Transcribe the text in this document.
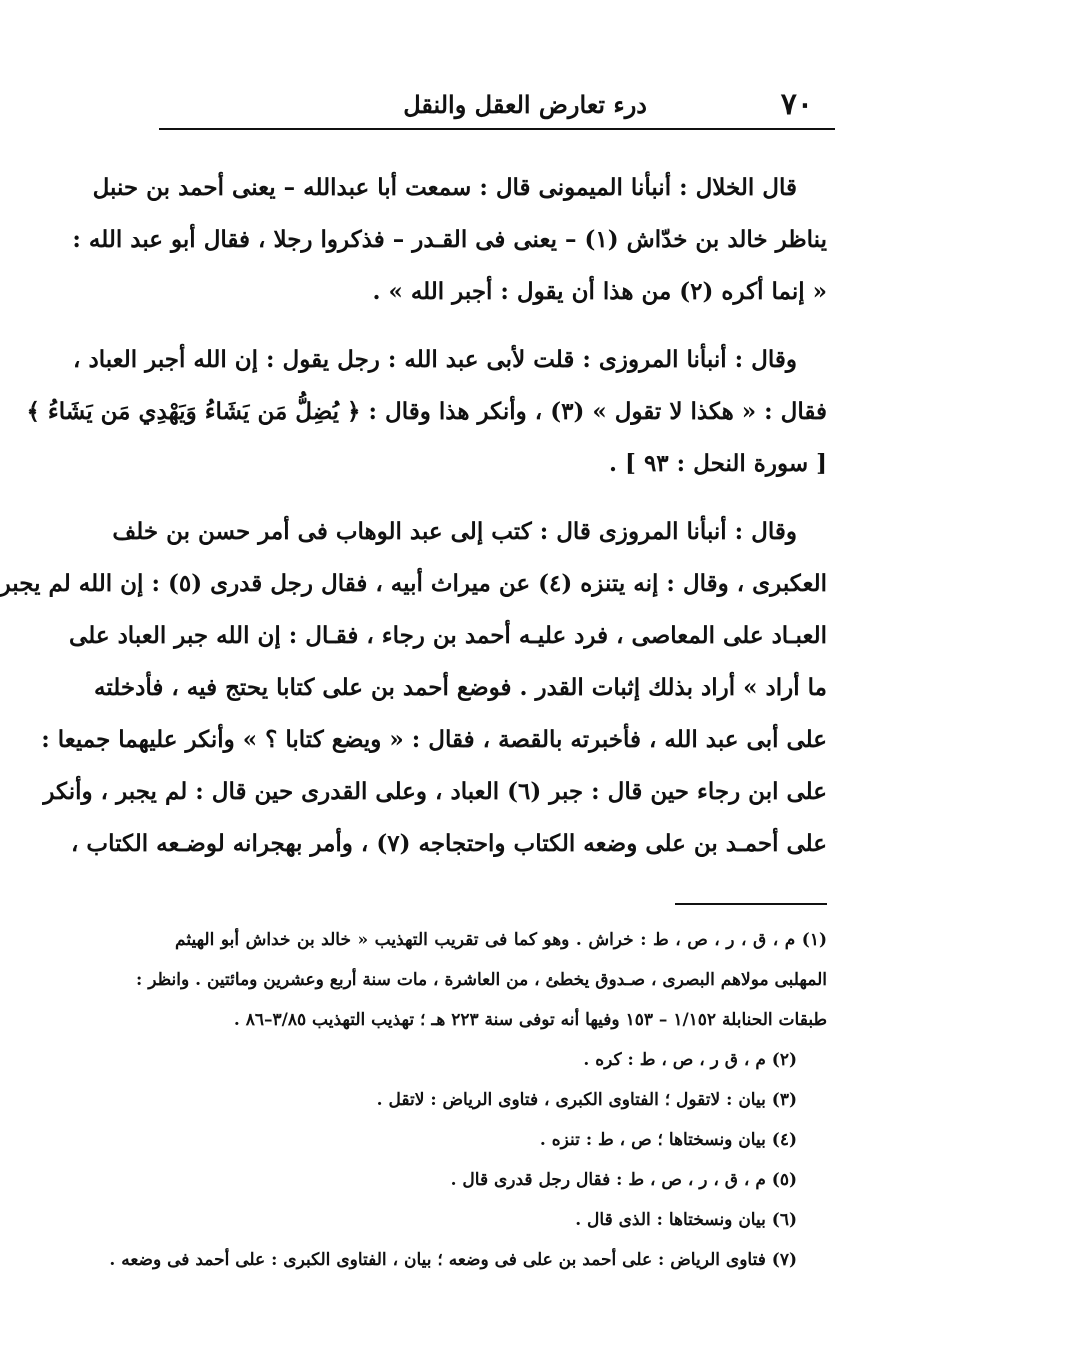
٧٠
درء تعارض العقل والنقل
قال الخلال : أنبأنا الميمونى قال : سمعت أبا عبدالله – يعنى أحمد بن حنبل
يناظر خالد بن خدّاش (١) – يعنى فى القـدر – فذكروا رجلا ، فقال أبو عبد الله :
« إنما أكره (٢) من هذا أن يقول : أجبر الله » .
وقال : أنبأنا المروزى : قلت لأبى عبد الله : رجل يقول : إن الله أجبر العباد ،
فقال : « هكذا لا تقول » (٣) ، وأنكر هذا وقال : ﴿ يُضِلُّ مَن يَشَاءُ وَيَهْدِي مَن يَشَاءُ ﴾
[ سورة النحل : ٩٣ ] .
وقال : أنبأنا المروزى قال : كتب إلى عبد الوهاب فى أمر حسن بن خلف
العكبرى ، وقال : إنه يتنزه (٤) عن ميراث أبيه ، فقال رجل قدرى (٥) : إن الله لم يجبر
العبـاد على المعاصى ، فرد عليـه أحمد بن رجاء ، فقـال : إن الله جبر العباد على
ما أراد » أراد بذلك إثبات القدر . فوضع أحمد بن على كتابا يحتج فيه ، فأدخلته
على أبى عبد الله ، فأخبرته بالقصة ، فقال : « ويضع كتابا ؟ » وأنكر عليهما جميعا :
على ابن رجاء حين قال : جبر (٦) العباد ، وعلى القدرى حين قال : لم يجبر ، وأنكر
على أحمـد بن على وضعه الكتاب واحتجاجه (٧) ، وأمر بهجرانه لوضـعه الكتاب ،
(١) م ، ق ، ر ، ص ، ط : خراش . وهو كما فى تقريب التهذيب « خالد بن خداش أبو الهيثم
المهلبى مولاهم البصرى ، صـدوق يخطئ ، من العاشرة ، مات سنة أربع وعشرين ومائتين . وانظر :
طبقات الحنابلة ١/١٥٢ – ١٥٣ وفيها أنه توفى سنة ٢٢٣ هـ ؛ تهذيب التهذيب ٣/٨٥–٨٦ .
(٢) م ، ق ر ، ص ، ط : كره .
(٣) بيان : لاتقول ؛ الفتاوى الكبرى ، فتاوى الرياض : لاتقل .
(٤) بيان ونسختاها ؛ ص ، ط : تنزه .
(٥) م ، ق ، ر ، ص ، ط : فقال رجل قدرى قال .
(٦) بيان ونسختاها : الذى قال .
(٧) فتاوى الرياض : على أحمد بن على فى وضعه ؛ بيان ، الفتاوى الكبرى : على أحمد فى وضعه .
